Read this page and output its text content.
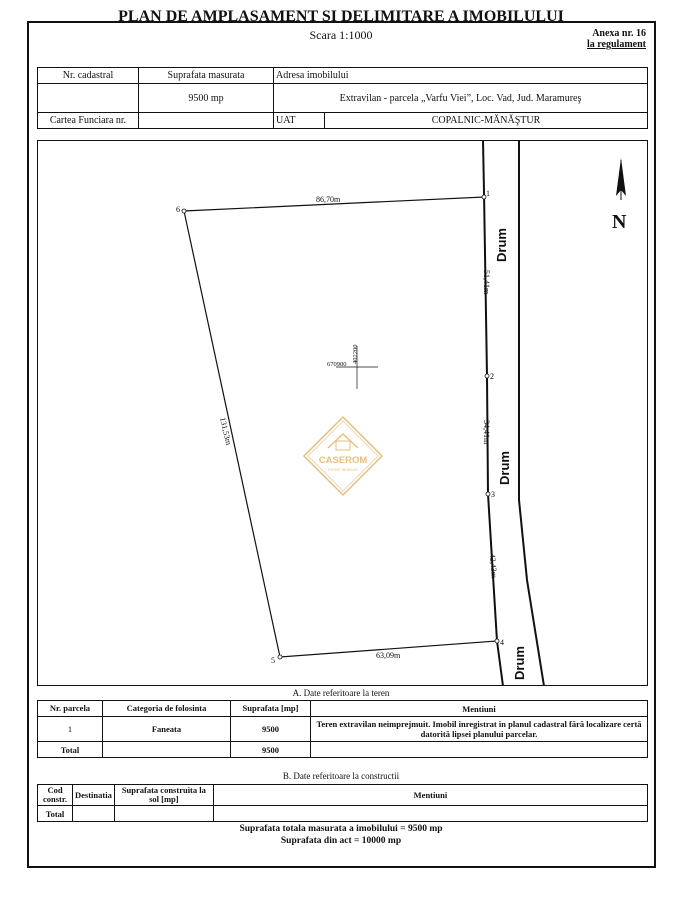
PLAN DE AMPLASAMENT SI DELIMITARE A IMOBILULUI
Scara 1:1000	Anexa nr. 16
la regulament
Nr. cadastral	Suprafata masurata	Adresa imobilului	
	9500 mp	Extravilan - parcela „Varfu Viei”, Loc. Vad, Jud. Maramureş	
Cartea Funciara nr.		UAT	COPALNIC-MĂNĂŞTUR
1
2
3
4
5
6
86,70m
51,41m
34,41m
42,43m
63,09m
131,53m
670900
402200
Drum
Drum
Drum
N
CASEROM
EXPERT IMOBILIAR
A. Date referitoare la teren
Nr. parcela	Categoria de folosinta	Suprafata [mp]	Mentiuni
1	Faneata	9500	Teren extravilan neimprejmuit. Imobil inregistrat in planul cadastral fără localizare certă datorită lipsei planului parcelar.
Total		9500	
B. Date referitoare la constructii
Cod constr.	Destinatia	Suprafata construita la sol [mp]	Mentiuni
Total			
Suprafata totala masurata a imobilului = 9500 mp
Suprafata din act = 10000 mp
